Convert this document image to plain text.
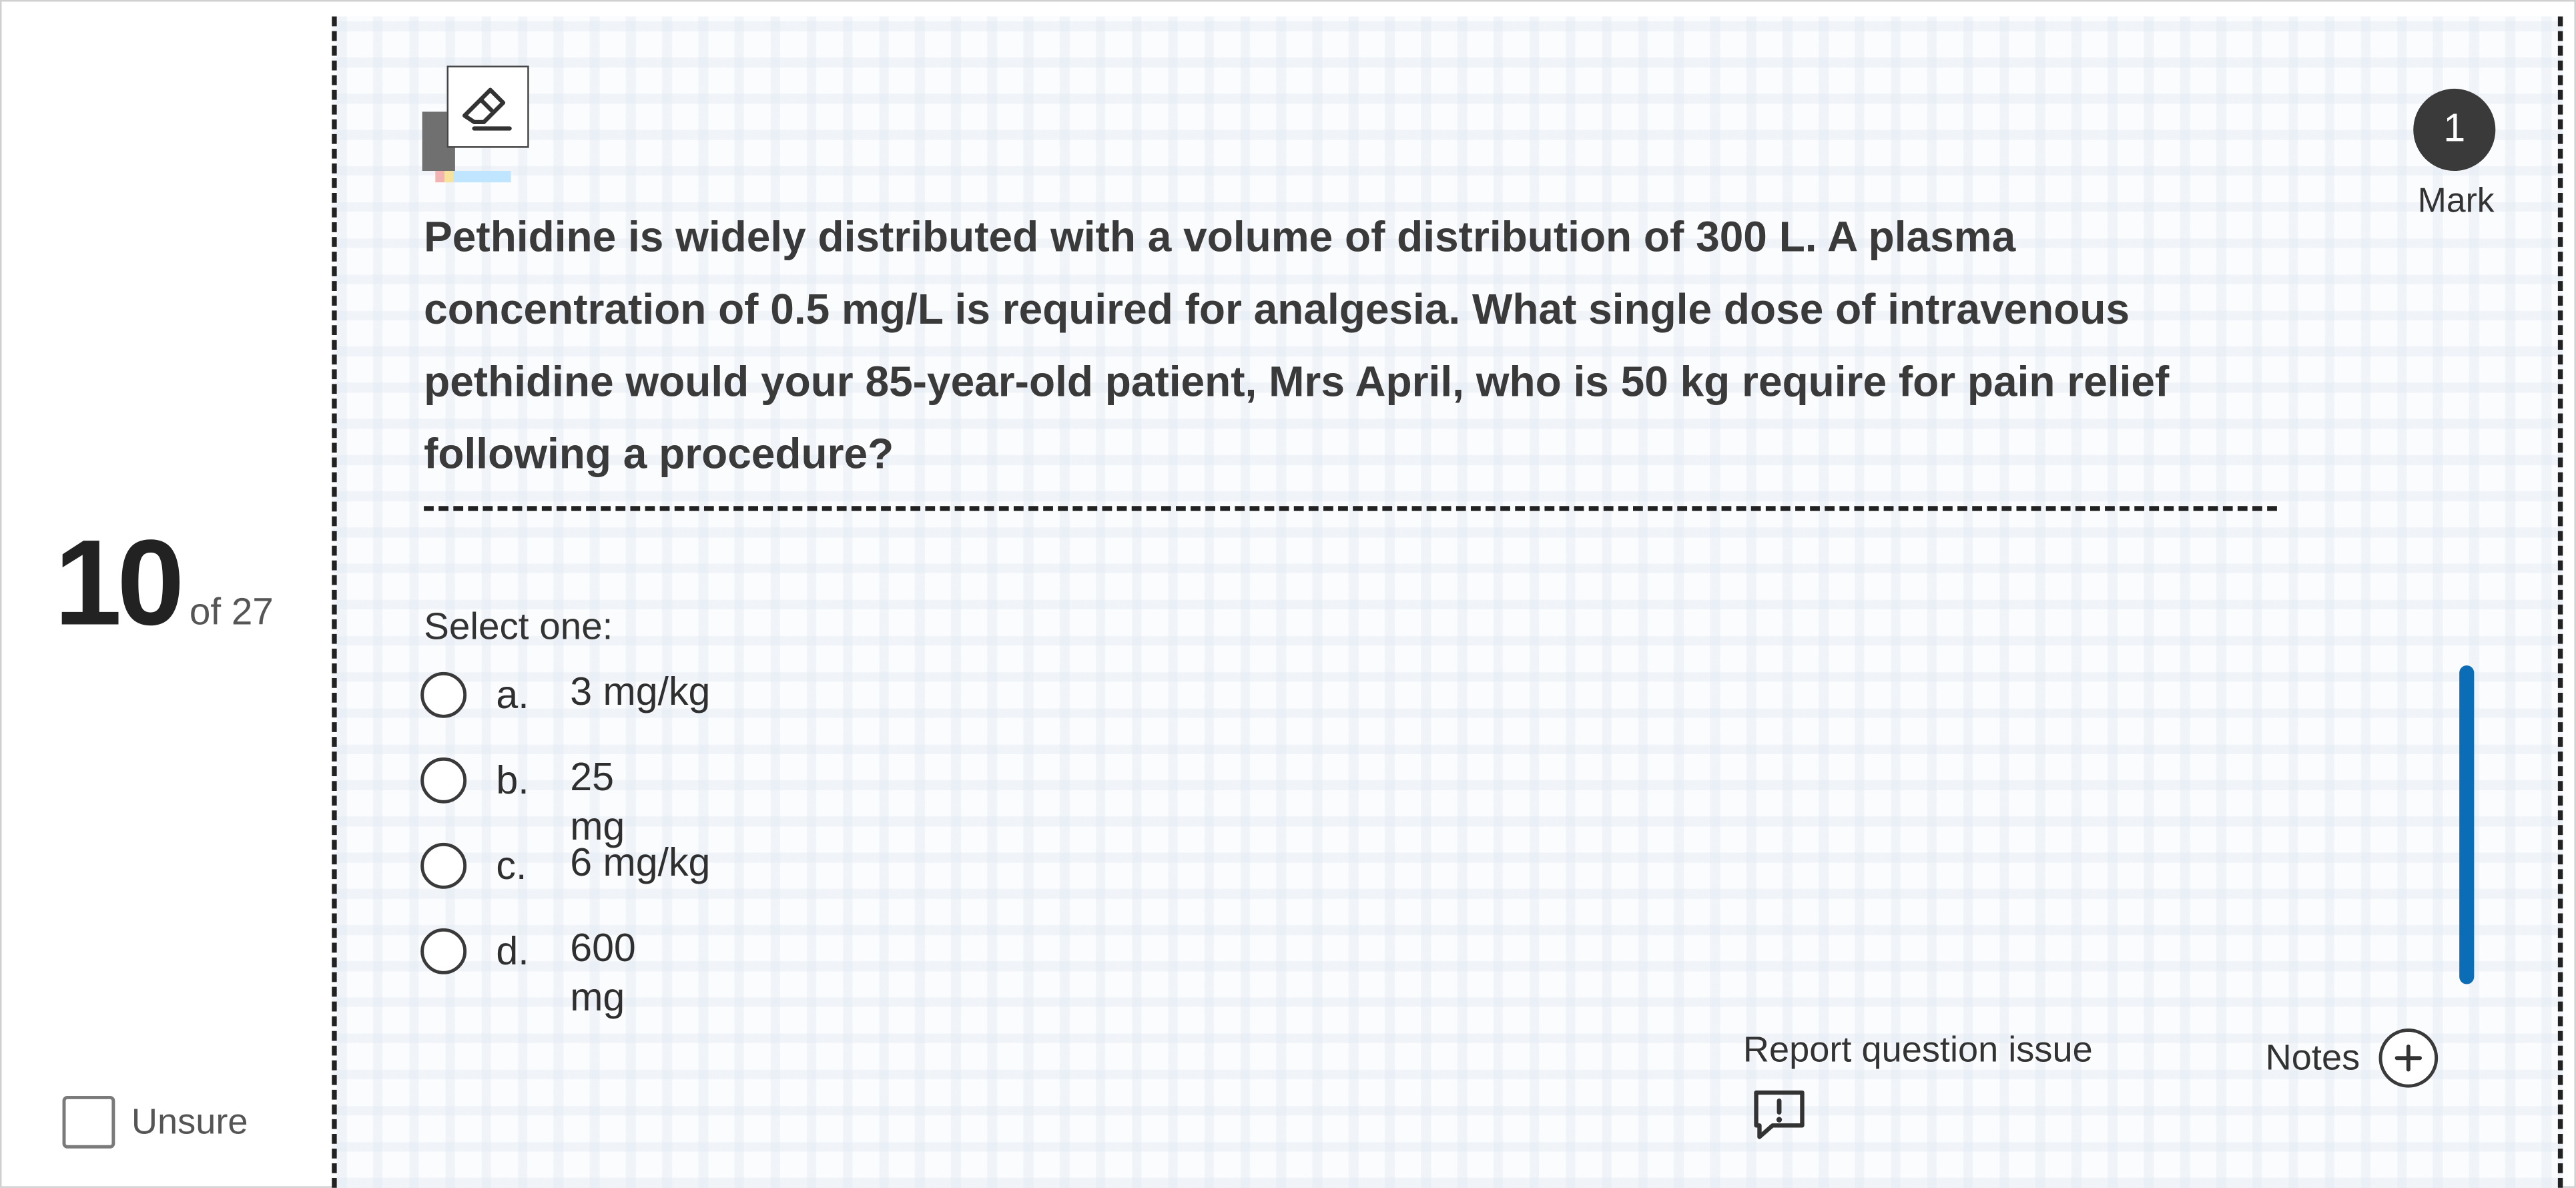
10 of 27
Unsure
1
Mark

Pethidine is widely distributed with a volume of distribution of 300 L. A plasma concentration of 0.5 mg/L is required for analgesia. What single dose of intravenous pethidine would your 85-year-old patient, Mrs April, who is 50 kg require for pain relief following a procedure?

Select one:
a.	3 mg/kg
b.	25 mg
c.	6 mg/kg
d.	600 mg
Report question issue	Notes
